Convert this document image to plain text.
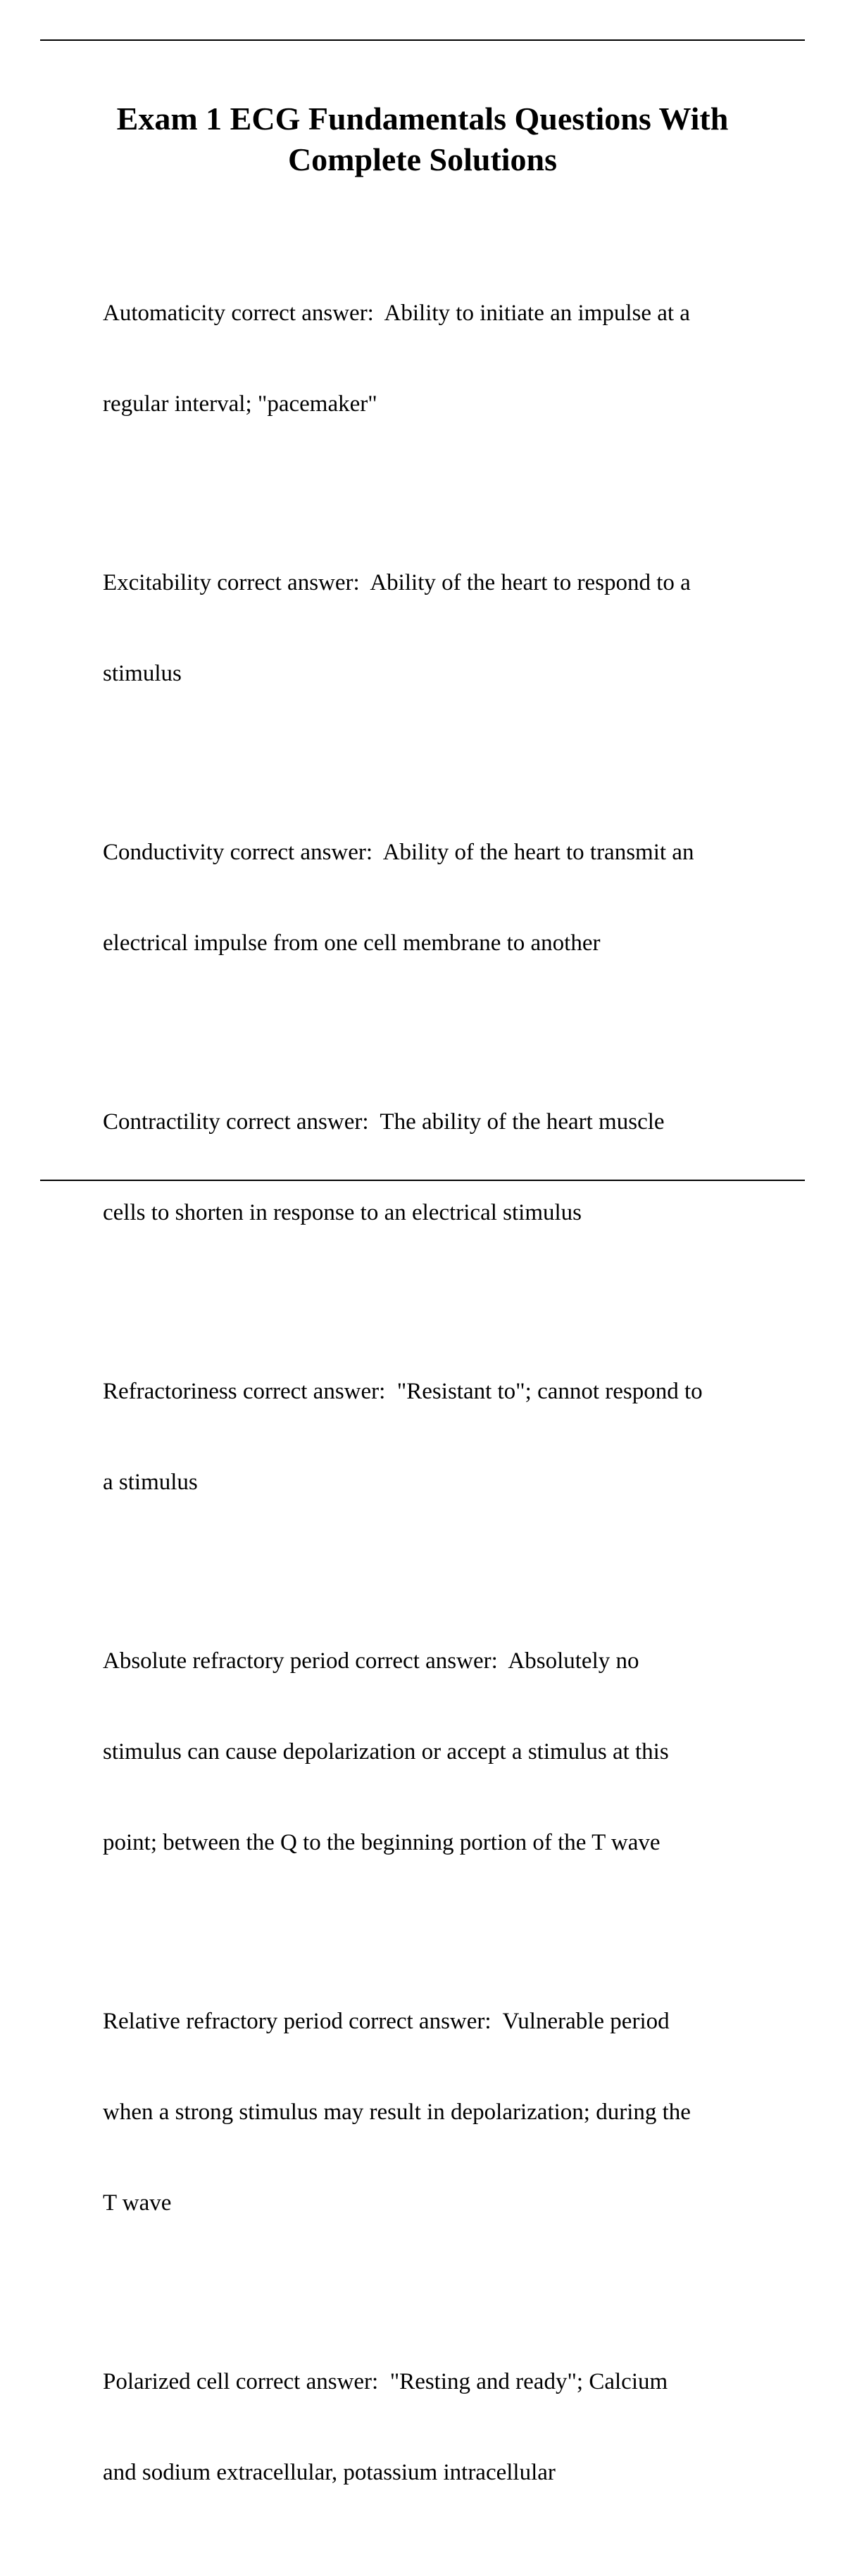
Exam 1 ECG Fundamentals Questions With
Complete Solutions

Automaticity correct answer:  Ability to initiate an impulse at a

regular interval; "pacemaker"

Excitability correct answer:  Ability of the heart to respond to a

stimulus

Conductivity correct answer:  Ability of the heart to transmit an

electrical impulse from one cell membrane to another

Contractility correct answer:  The ability of the heart muscle

cells to shorten in response to an electrical stimulus

Refractoriness correct answer:  "Resistant to"; cannot respond to

a stimulus

Absolute refractory period correct answer:  Absolutely no

stimulus can cause depolarization or accept a stimulus at this

point; between the Q to the beginning portion of the T wave

Relative refractory period correct answer:  Vulnerable period

when a strong stimulus may result in depolarization; during the

T wave

Polarized cell correct answer:  "Resting and ready"; Calcium

and sodium extracellular, potassium intracellular
